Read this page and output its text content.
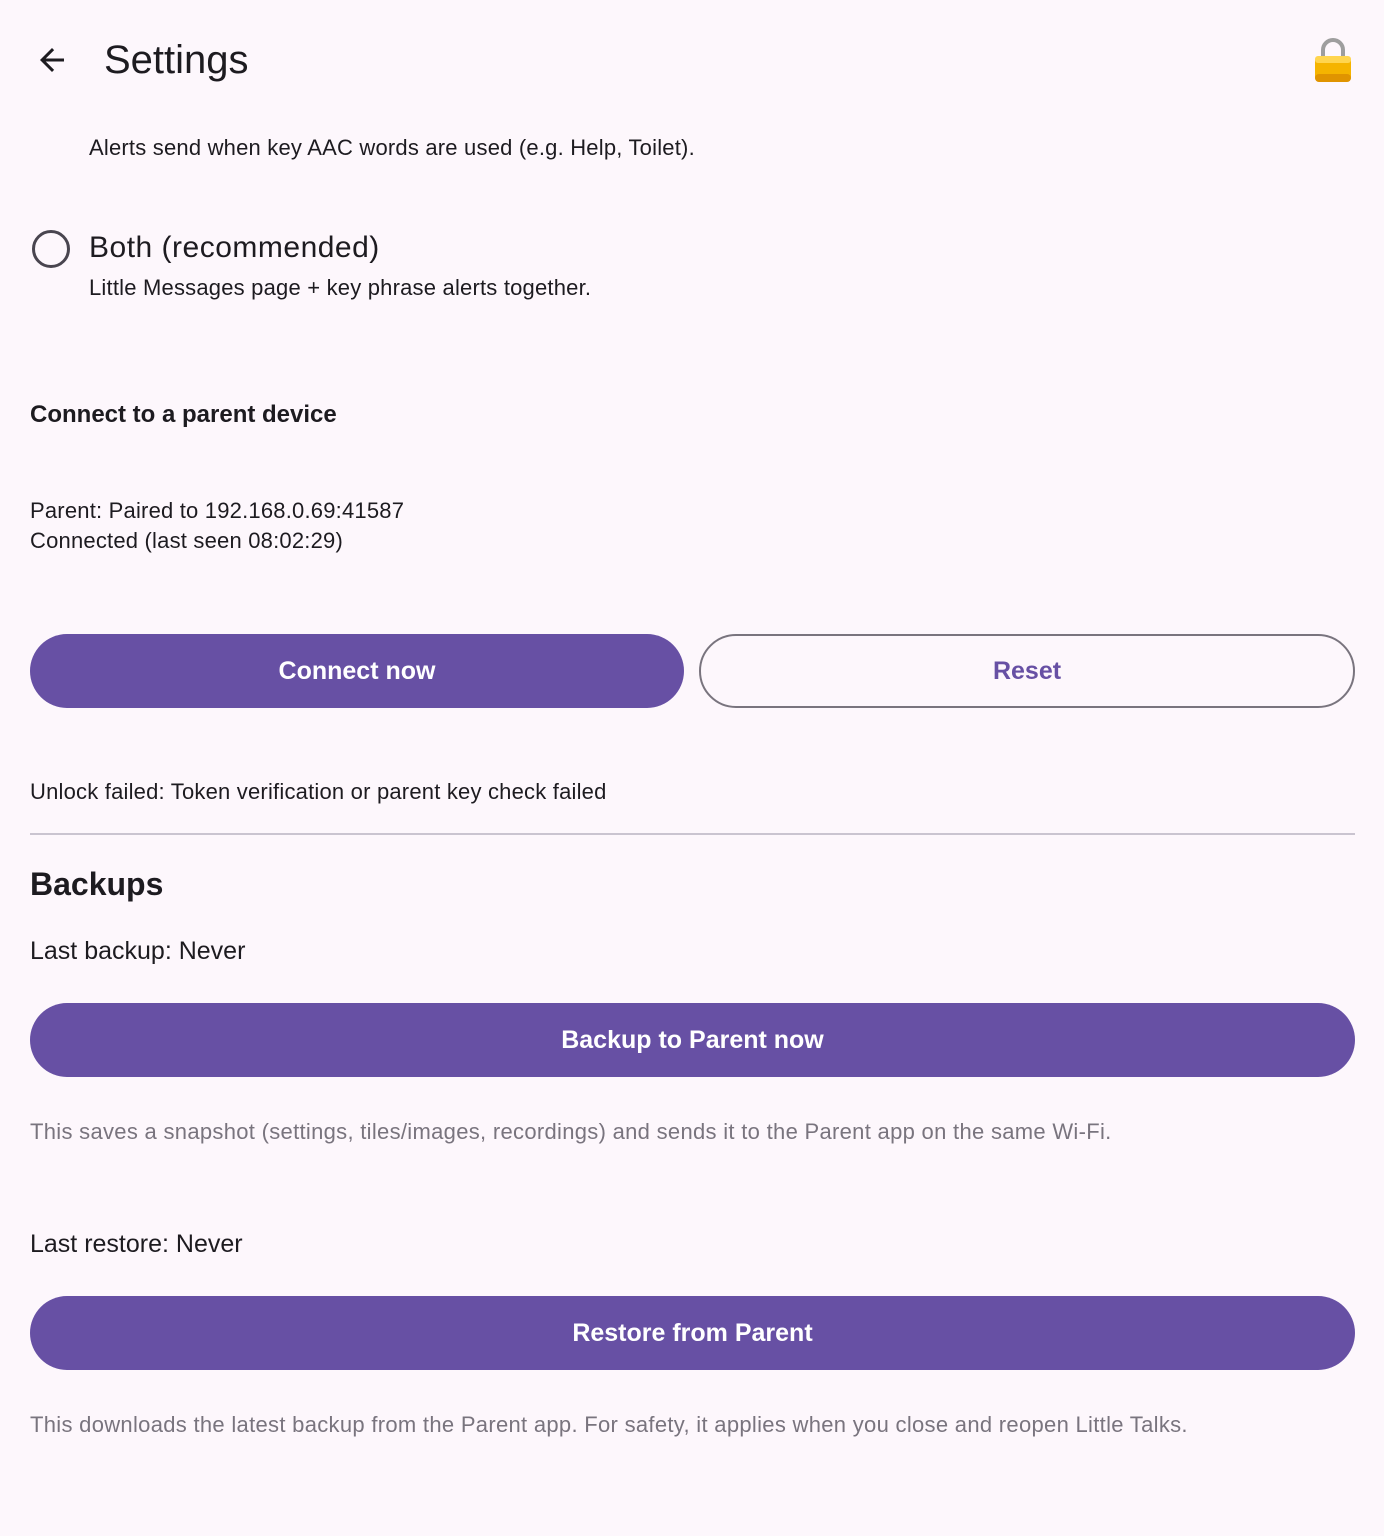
Settings
Alerts send when key AAC words are used (e.g. Help, Toilet).
Both (recommended)
Little Messages page + key phrase alerts together.
Connect to a parent device
Parent: Paired to 192.168.0.69:41587
Connected (last seen 08:02:29)
Connect now	Reset
Unlock failed: Token verification or parent key check failed
Backups
Last backup: Never
Backup to Parent now
This saves a snapshot (settings, tiles/images, recordings) and sends it to the Parent app on the same Wi-Fi.
Last restore: Never
Restore from Parent
This downloads the latest backup from the Parent app. For safety, it applies when you close and reopen Little Talks.
